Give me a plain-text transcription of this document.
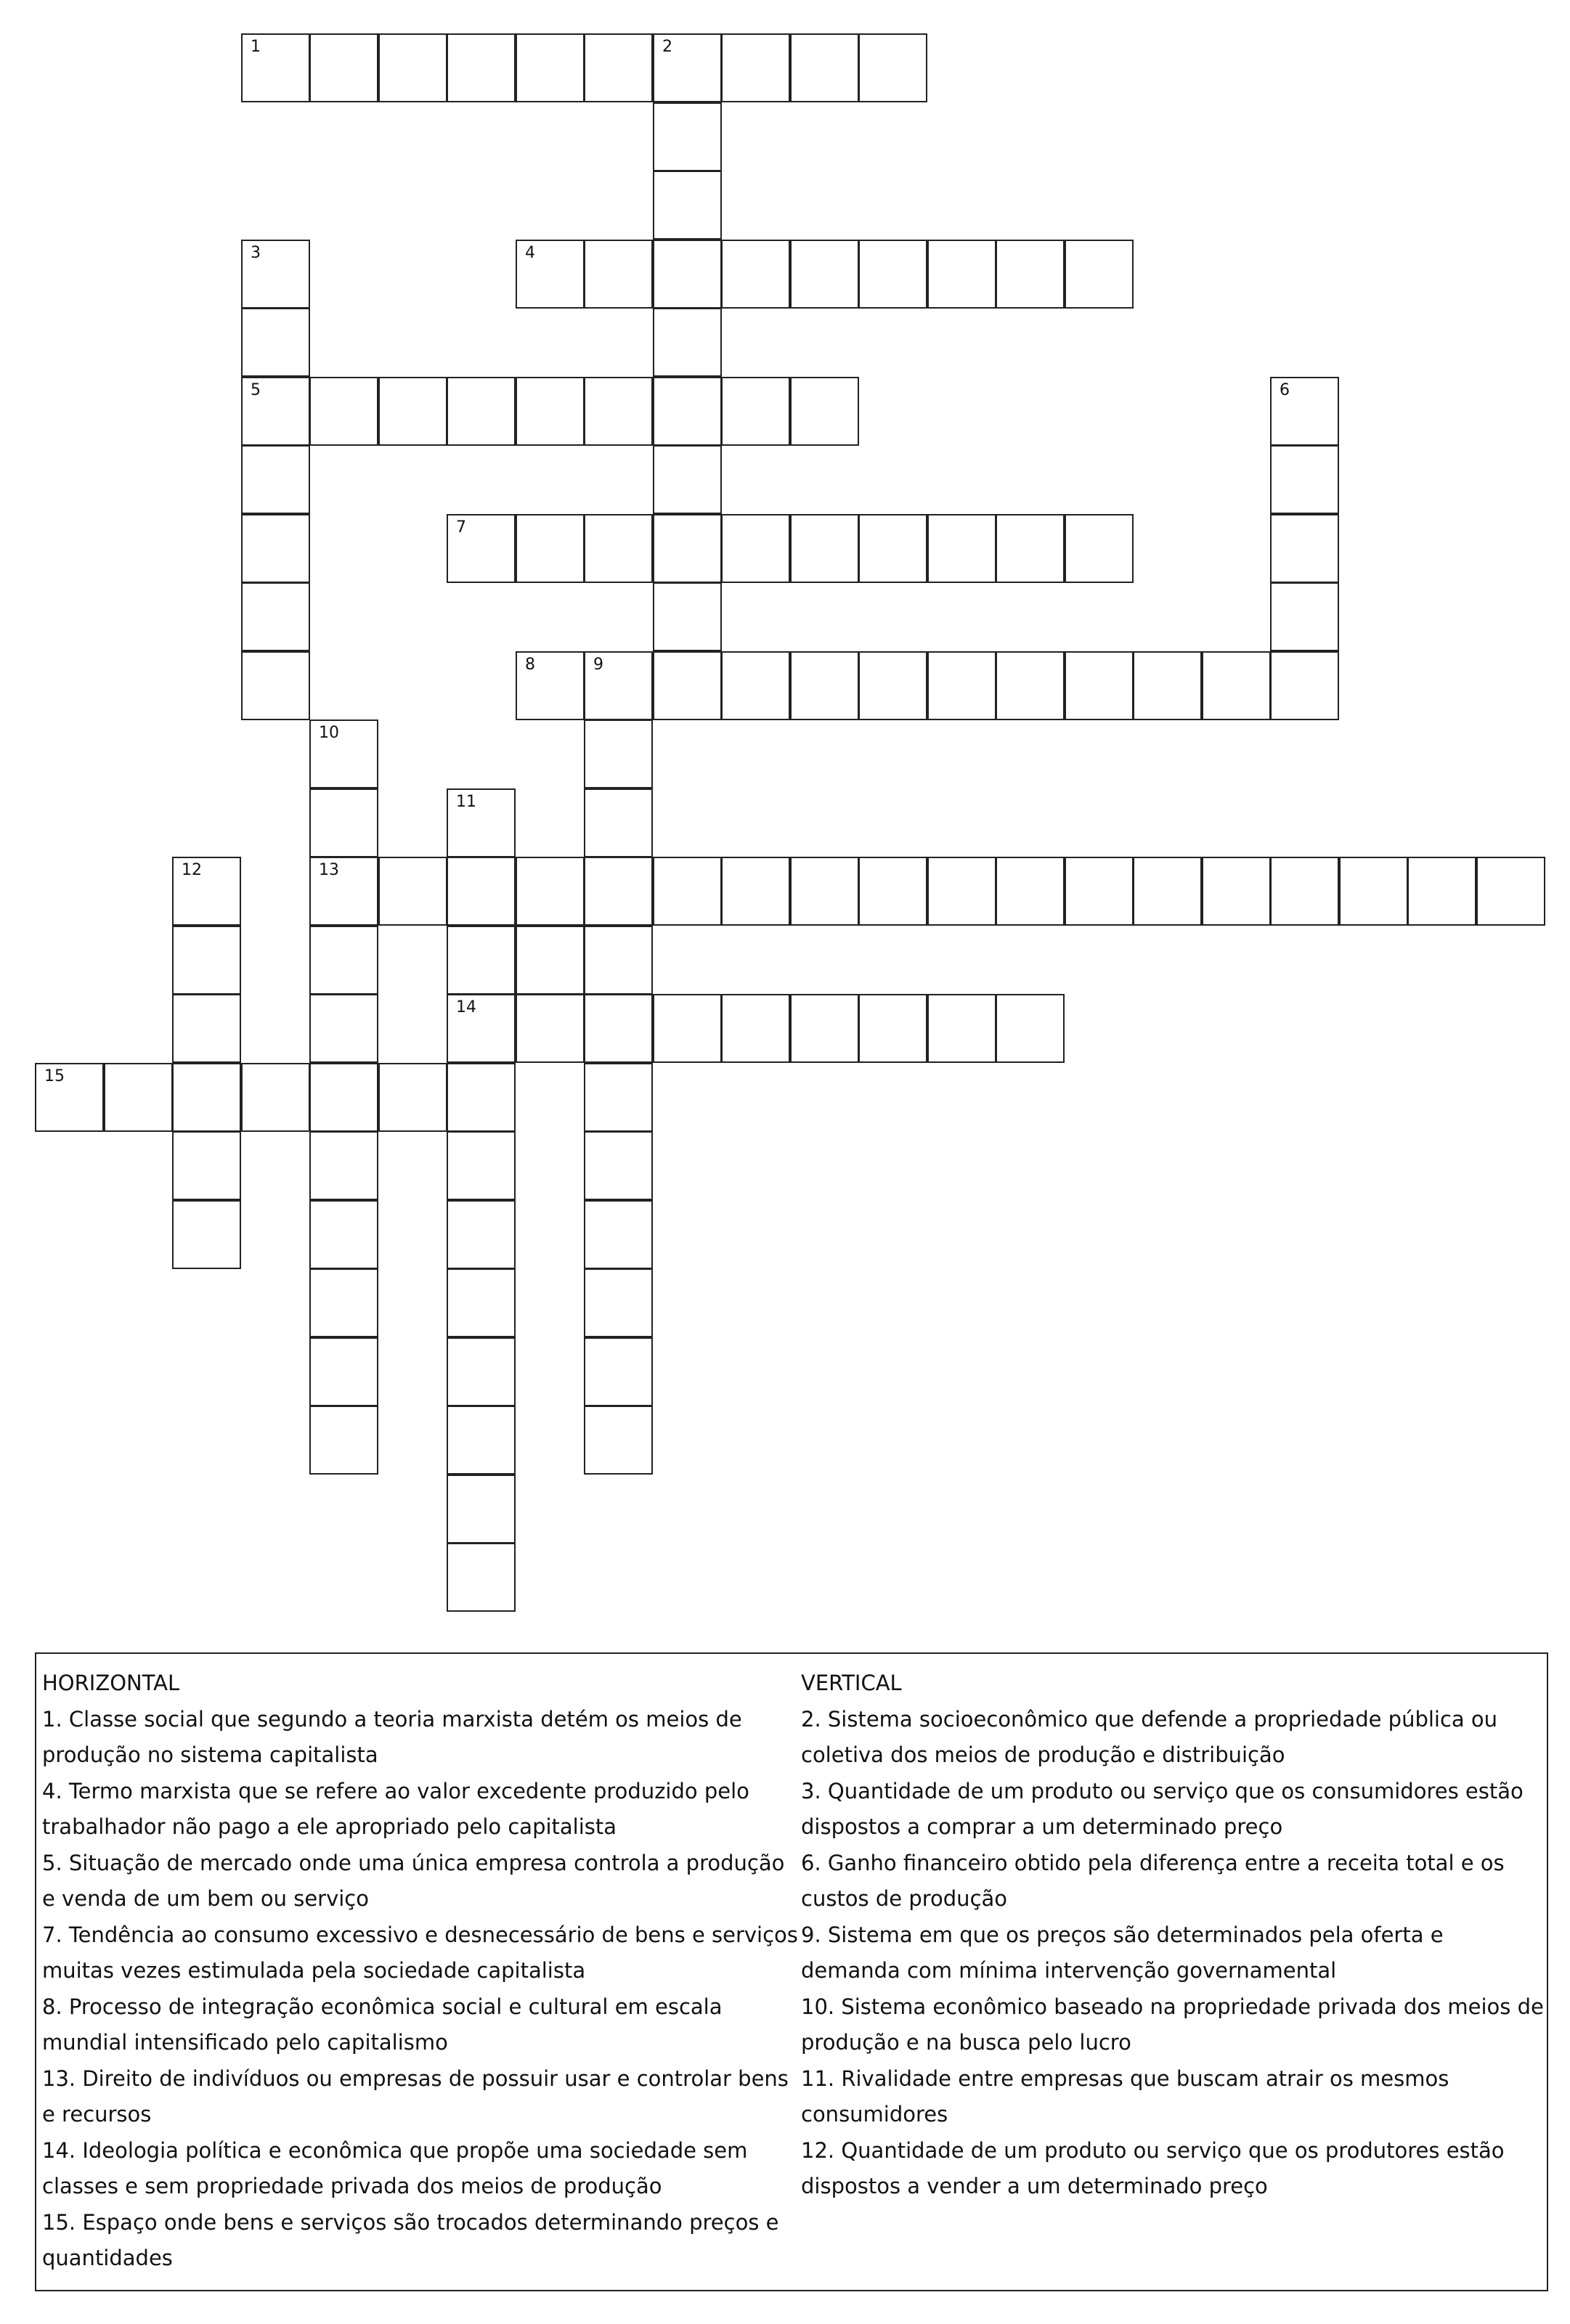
1	2
3	4
5	6
7
8	9
10
11
12	13
14
15

HORIZONTAL

1. Classe social que segundo a teoria marxista detém os meios de produção no sistema capitalista

4. Termo marxista que se refere ao valor excedente produzido pelo trabalhador não pago a ele apropriado pelo capitalista

5. Situação de mercado onde uma única empresa controla a produção e venda de um bem ou serviço

7. Tendência ao consumo excessivo e desnecessário de bens e serviços muitas vezes estimulada pela sociedade capitalista

8. Processo de integração econômica social e cultural em escala mundial intensificado pelo capitalismo

13. Direito de indivíduos ou empresas de possuir usar e controlar bens e recursos

14. Ideologia política e econômica que propõe uma sociedade sem classes e sem propriedade privada dos meios de produção

15. Espaço onde bens e serviços são trocados determinando preços e quantidades

VERTICAL

2. Sistema socioeconômico que defende a propriedade pública ou coletiva dos meios de produção e distribuição

3. Quantidade de um produto ou serviço que os consumidores estão dispostos a comprar a um determinado preço

6. Ganho financeiro obtido pela diferença entre a receita total e os custos de produção

9. Sistema em que os preços são determinados pela oferta e demanda com mínima intervenção governamental

10. Sistema econômico baseado na propriedade privada dos meios de produção e na busca pelo lucro

11. Rivalidade entre empresas que buscam atrair os mesmos consumidores

12. Quantidade de um produto ou serviço que os produtores estão dispostos a vender a um determinado preço
